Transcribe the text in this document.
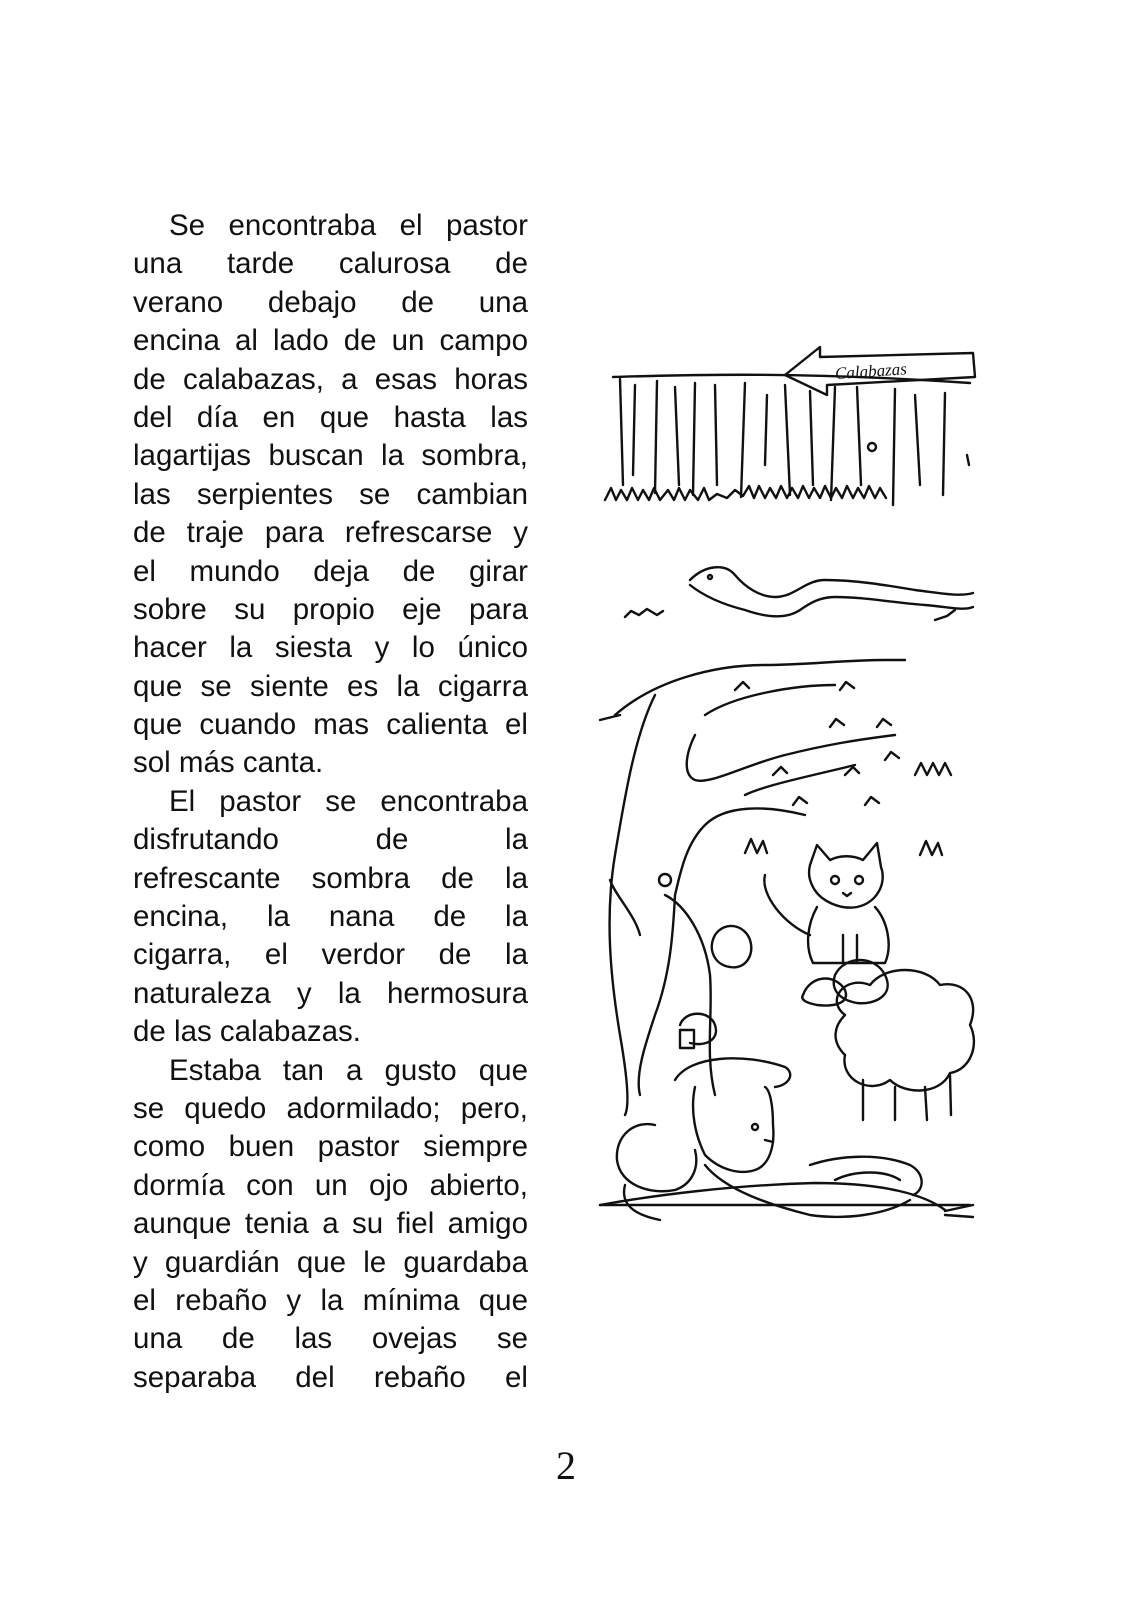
Se encontraba el pastor
una tarde calurosa de
verano debajo de una
encina al lado de un campo
de calabazas, a esas horas
del día en que hasta las
lagartijas buscan la sombra,
las serpientes se cambian
de traje para refrescarse y
el mundo deja de girar
sobre su propio eje para
hacer la siesta y lo único
que se siente es la cigarra
que cuando mas calienta el
sol más canta.
El pastor se encontraba
disfrutando de la
refrescante sombra de la
encina, la nana de la
cigarra, el verdor de la
naturaleza y la hermosura
de las calabazas.
Estaba tan a gusto que
se quedo adormilado; pero,
como buen pastor siempre
dormía con un ojo abierto,
aunque tenia a su fiel amigo
y guardián que le guardaba
el rebaño y la mínima que
una de las ovejas se
separaba del rebaño el
Calabazas
2
